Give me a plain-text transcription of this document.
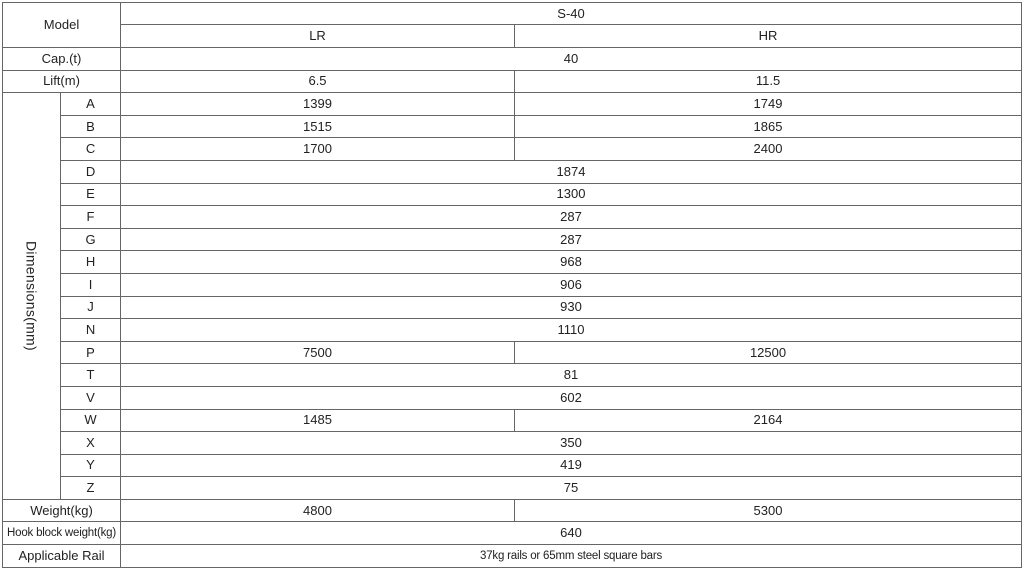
Model		S-40
LR HR	

Cap.(t)		40	
Lift(m)		6.5	11.5

Dimensions(mm)	A	1399	1749
	B	1515	1865
	C	1700	2400
	D	1874	
	E	1300	
	F	287	
	G	287	
	H	968	
	I	906	
	J	930	
	N	1110	
	P	7500	12500
	T	81	
	V	602	
	W	1485	2164
	X	350	
	Y	419	
	Z	75	
Weight(kg)		4800	5300
Hook block weight(kg)		640	
Applicable Rail		37kg rails or 65mm steel square bars	
